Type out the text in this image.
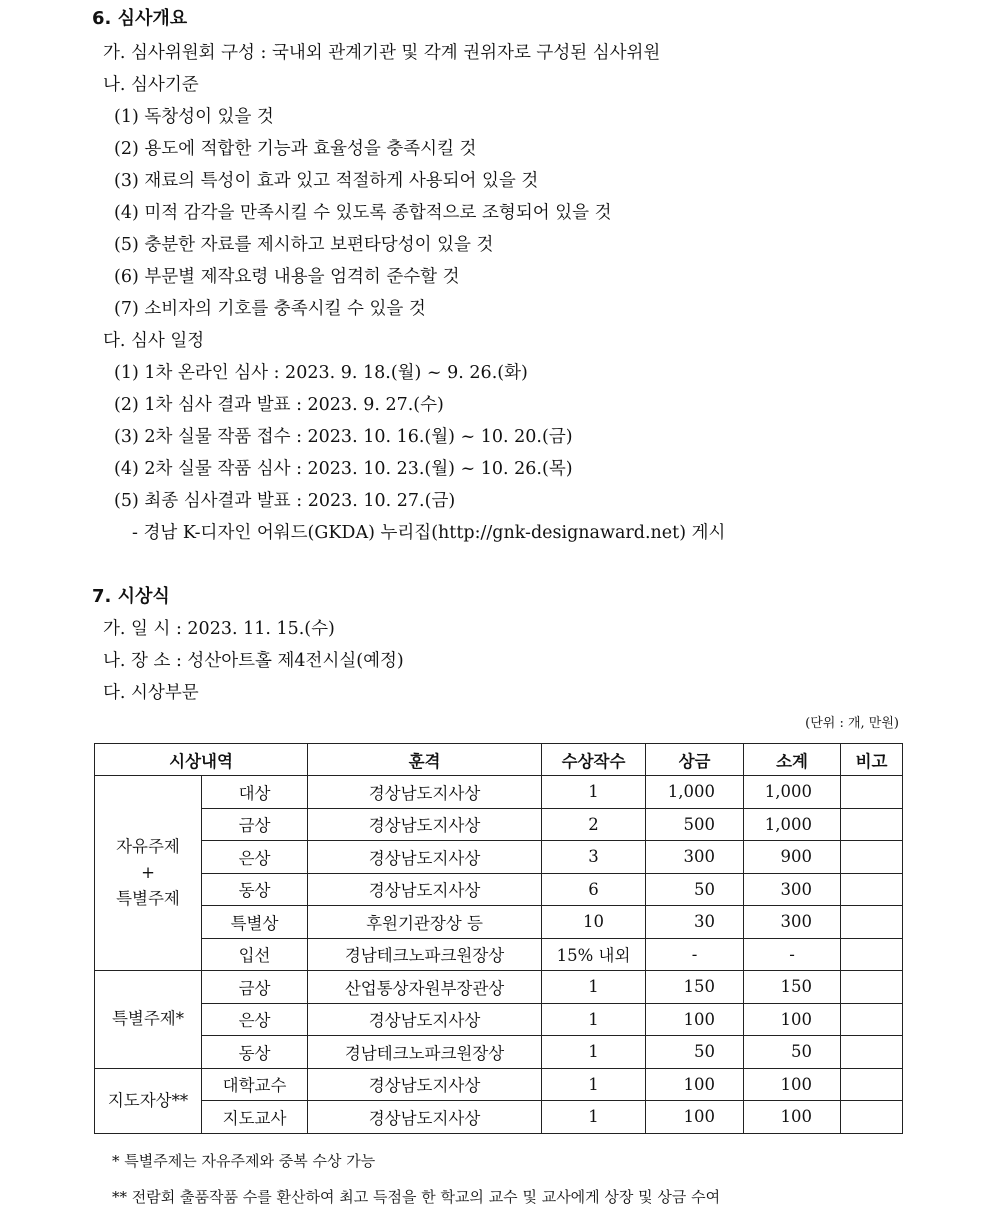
6. 심사개요
가. 심사위원회 구성 : 국내외 관계기관 및 각계 권위자로 구성된 심사위원
나. 심사기준
(1) 독창성이 있을 것
(2) 용도에 적합한 기능과 효율성을 충족시킬 것
(3) 재료의 특성이 효과 있고 적절하게 사용되어 있을 것
(4) 미적 감각을 만족시킬 수 있도록 종합적으로 조형되어 있을 것
(5) 충분한 자료를 제시하고 보편타당성이 있을 것
(6) 부문별 제작요령 내용을 엄격히 준수할 것
(7) 소비자의 기호를 충족시킬 수 있을 것
다. 심사 일정
(1) 1차 온라인 심사 : 2023. 9. 18.(월) ~ 9. 26.(화)
(2) 1차 심사 결과 발표 : 2023. 9. 27.(수)
(3) 2차 실물 작품 접수 : 2023. 10. 16.(월) ~ 10. 20.(금)
(4) 2차 실물 작품 심사 : 2023. 10. 23.(월) ~ 10. 26.(목)
(5) 최종 심사결과 발표 : 2023. 10. 27.(금)
- 경남 K-디자인 어워드(GKDA) 누리집(http://gnk-designaward.net) 게시
7. 시상식
가. 일 시 : 2023. 11. 15.(수)
나. 장 소 : 성산아트홀 제4전시실(예정)
다. 시상부문
(단위 : 개, 만원)
시상내역		훈격	수상작수	상금	소계	비고

자유주제
+
특별주제	대상	경상남도지사상	1	1,000	1,000	
	금상	경상남도지사상	2	500	1,000	
	은상	경상남도지사상	3	300	900	
	동상	경상남도지사상	6	50	300	
	특별상	후원기관장상 등	10	30	300	
	입선	경남테크노파크원장상	15% 내외	-	-	

특별주제*	금상	산업통상자원부장관상	1	150	150	
	은상	경상남도지사상	1	100	100	
	동상	경남테크노파크원장상	1	50	50	

지도자상**	대학교수	경상남도지사상	1	100	100	
	지도교사	경상남도지사상	1	100	100	
* 특별주제는 자유주제와 중복 수상 가능
** 전람회 출품작품 수를 환산하여 최고 득점을 한 학교의 교수 및 교사에게 상장 및 상금 수여
